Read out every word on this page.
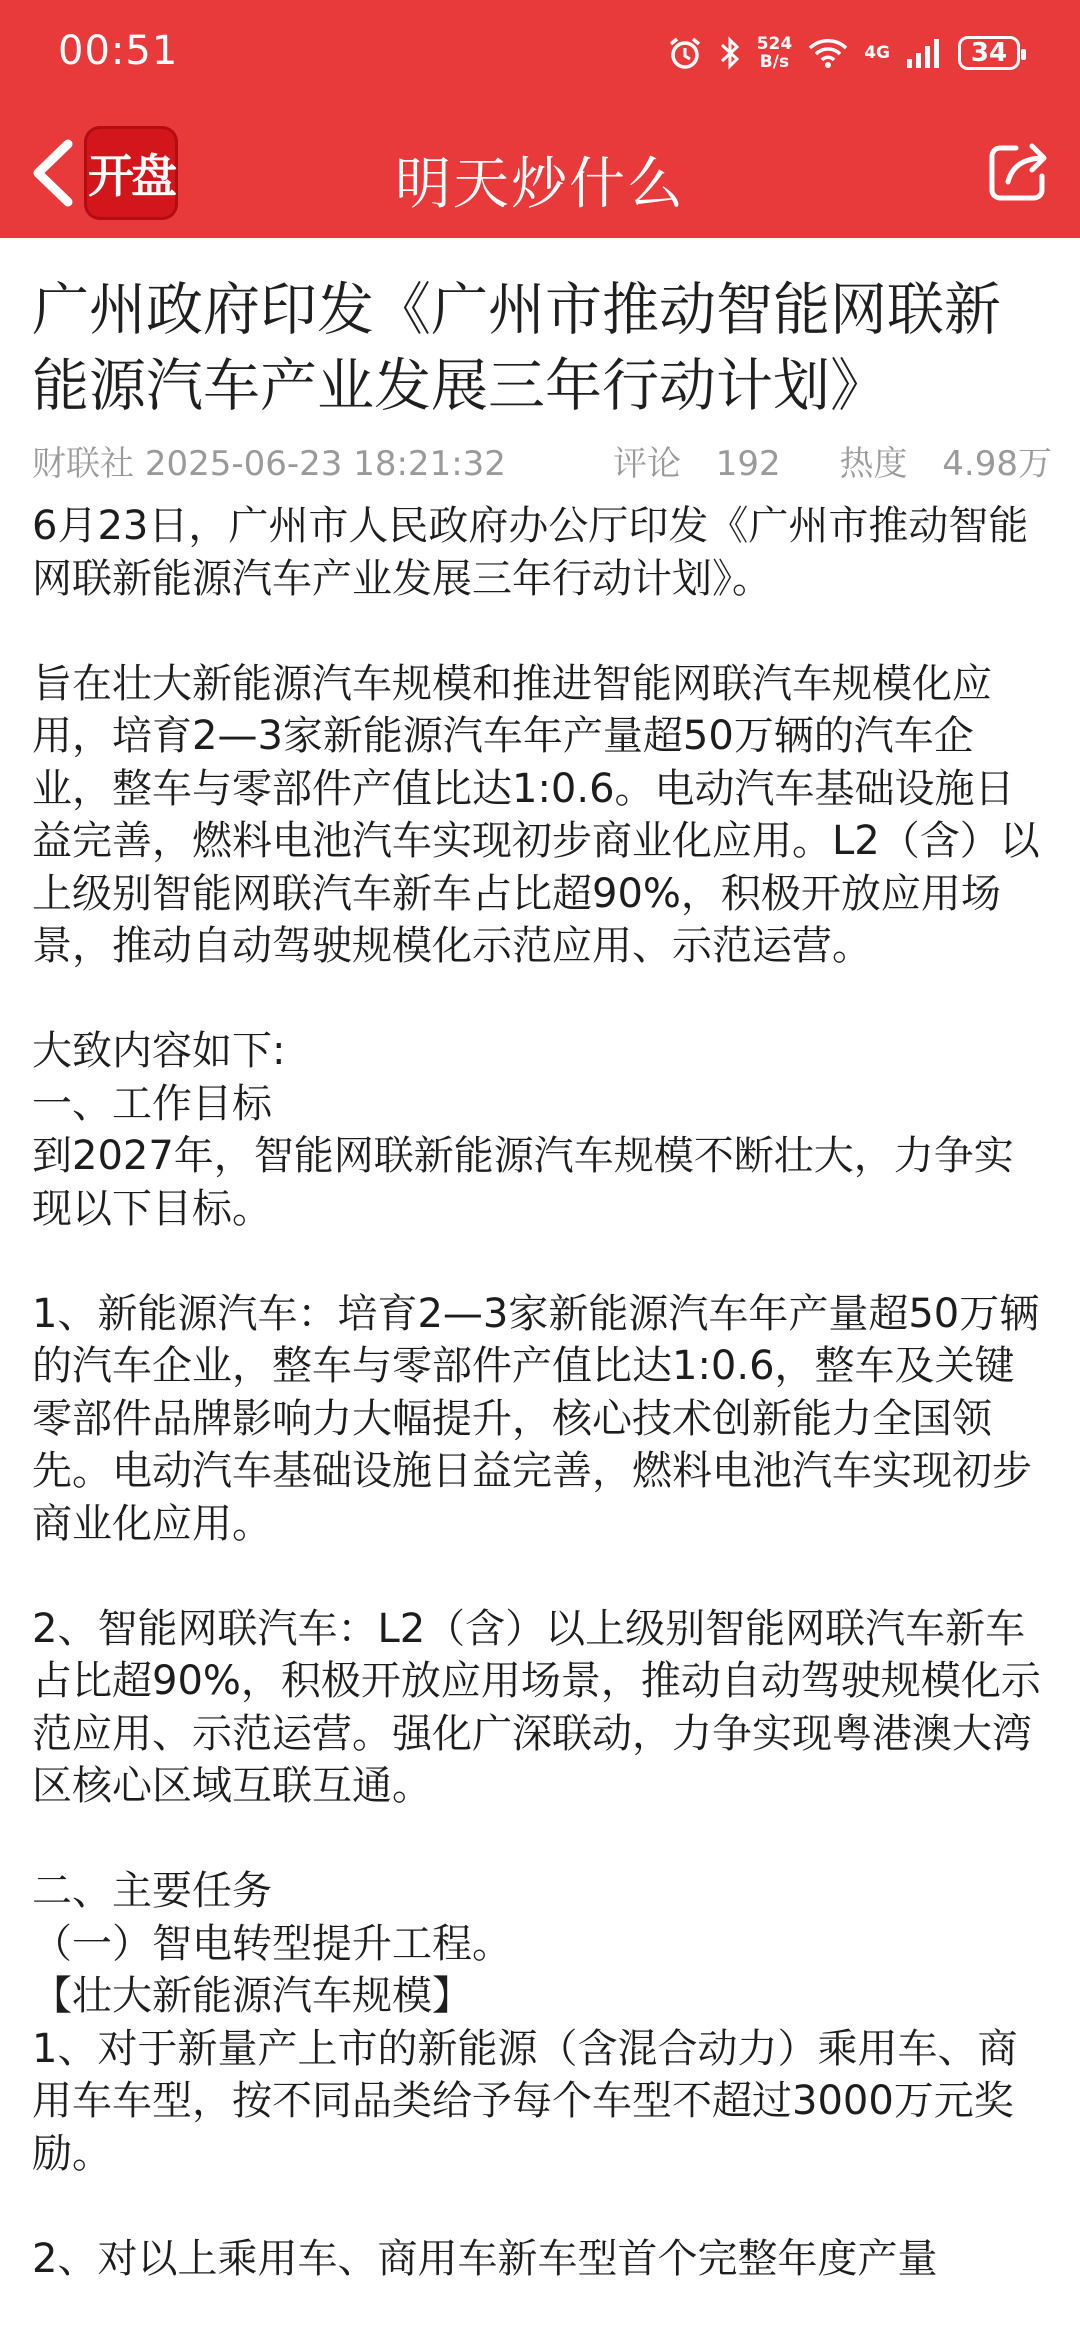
00:51	524
B/s	4G	34
开盘	明天炒什么
广州政府印发《广州市推动智能网联新能源汽车产业发展三年行动计划》
财联社 2025-06-23 18:21:32	评论 192 热度 4.98万

6月23日，广州市人民政府办公厅印发《广州市推动智能网联新能源汽车产业发展三年行动计划》。

旨在壮大新能源汽车规模和推进智能网联汽车规模化应用，培育2—3家新能源汽车年产量超50万辆的汽车企业，整车与零部件产值比达1:0.6。电动汽车基础设施日益完善，燃料电池汽车实现初步商业化应用。L2（含）以上级别智能网联汽车新车占比超90%，积极开放应用场景，推动自动驾驶规模化示范应用、示范运营。

大致内容如下:

一、工作目标

到2027年，智能网联新能源汽车规模不断壮大，力争实现以下目标。

1、新能源汽车：培育2—3家新能源汽车年产量超50万辆的汽车企业，整车与零部件产值比达1:0.6，整车及关键零部件品牌影响力大幅提升，核心技术创新能力全国领先。电动汽车基础设施日益完善，燃料电池汽车实现初步商业化应用。

2、智能网联汽车：L2（含）以上级别智能网联汽车新车占比超90%，积极开放应用场景，推动自动驾驶规模化示范应用、示范运营。强化广深联动，力争实现粤港澳大湾区核心区域互联互通。

二、主要任务

（一）智电转型提升工程。

【壮大新能源汽车规模】

1、对于新量产上市的新能源（含混合动力）乘用车、商用车车型，按不同品类给予每个车型不超过3000万元奖励。

2、对以上乘用车、商用车新车型首个完整年度产量
